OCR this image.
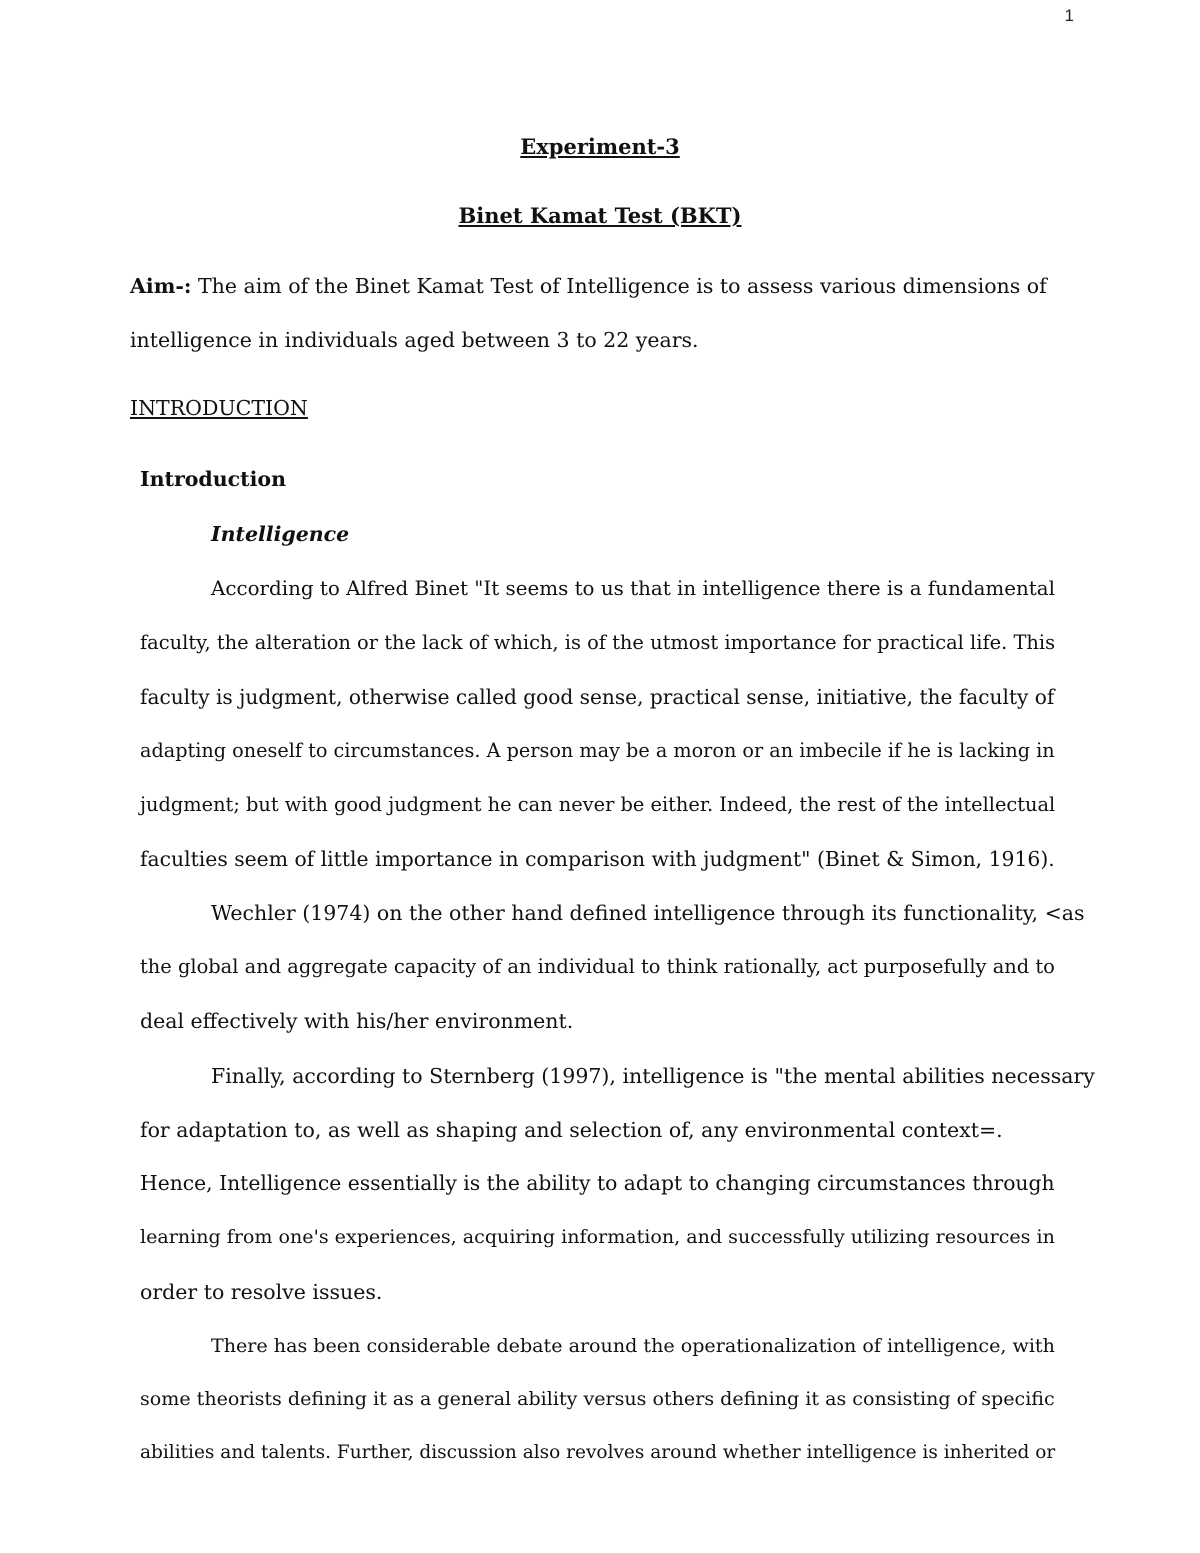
1
Experiment-3
Binet Kamat Test (BKT)
Aim-: The aim of the Binet Kamat Test of Intelligence is to assess various dimensions of
intelligence in individuals aged between 3 to 22 years.
INTRODUCTION
Introduction
Intelligence
According to Alfred Binet "It seems to us that in intelligence there is a fundamental
faculty, the alteration or the lack of which, is of the utmost importance for practical life. This
faculty is judgment, otherwise called good sense, practical sense, initiative, the faculty of
adapting oneself to circumstances. A person may be a moron or an imbecile if he is lacking in
judgment; but with good judgment he can never be either. Indeed, the rest of the intellectual
faculties seem of little importance in comparison with judgment" (Binet & Simon, 1916).
Wechler (1974) on the other hand defined intelligence through its functionality, <as
the global and aggregate capacity of an individual to think rationally, act purposefully and to
deal effectively with his/her environment.
Finally, according to Sternberg (1997), intelligence is "the mental abilities necessary
for adaptation to, as well as shaping and selection of, any environmental context=.
Hence, Intelligence essentially is the ability to adapt to changing circumstances through
learning from one's experiences, acquiring information, and successfully utilizing resources in
order to resolve issues.
There has been considerable debate around the operationalization of intelligence, with
some theorists defining it as a general ability versus others defining it as consisting of specific
abilities and talents. Further, discussion also revolves around whether intelligence is inherited or
